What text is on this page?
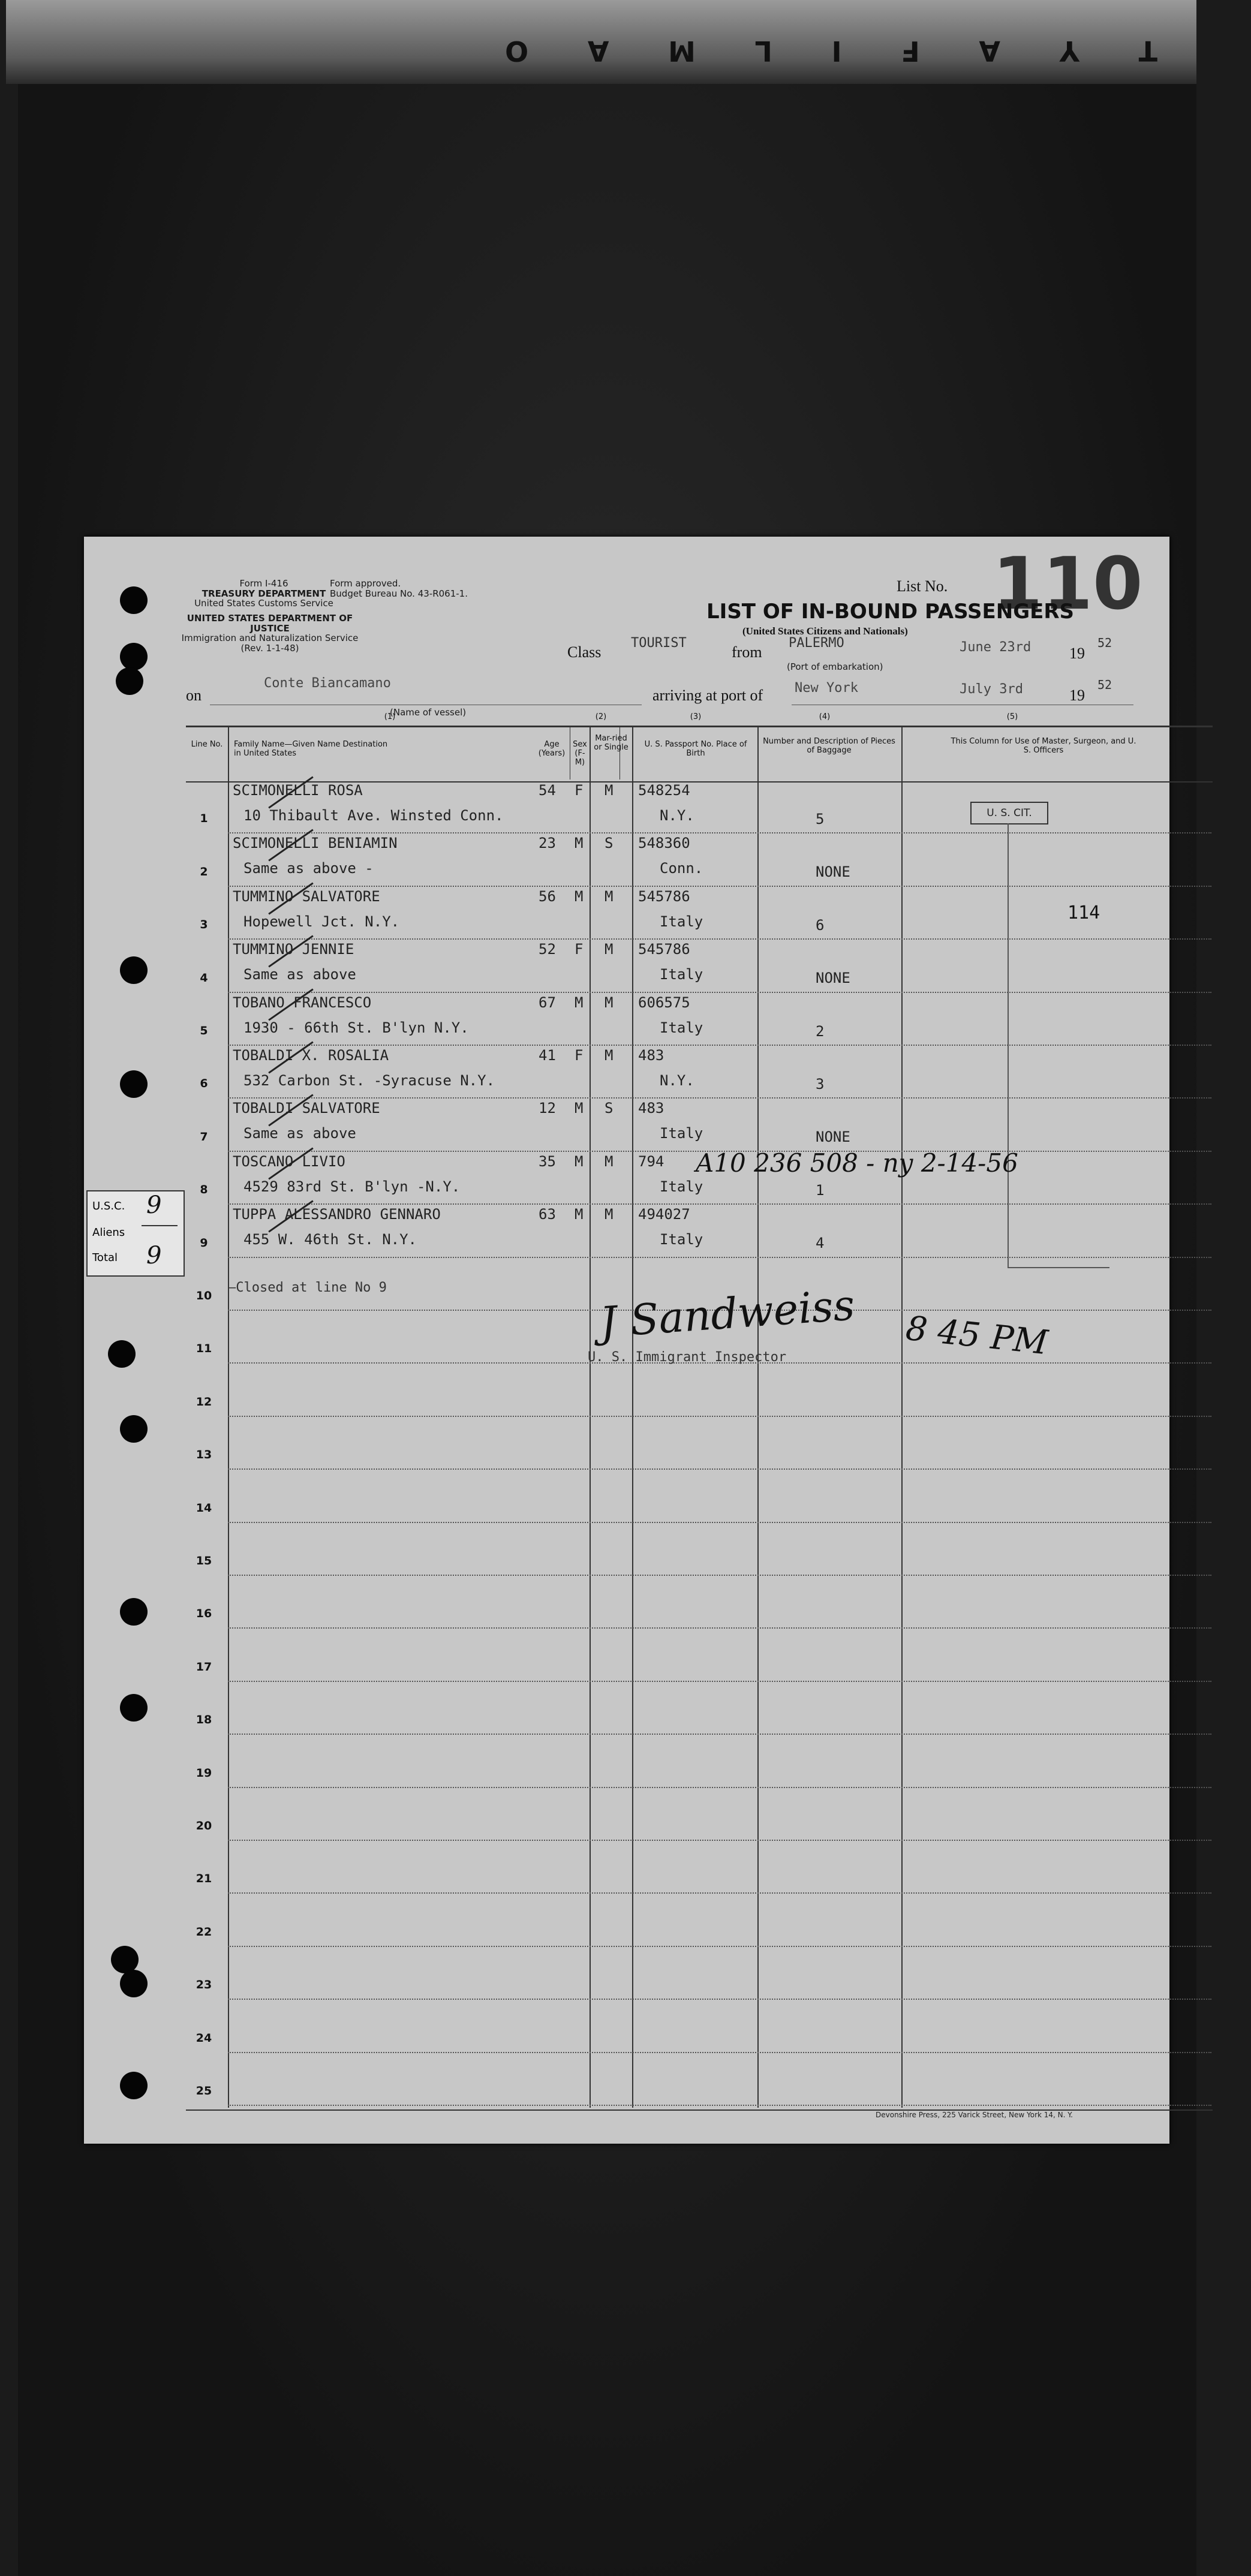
T
Y
A
F
I
L
M
A
O
Form I-416
TREASURY DEPARTMENT
United States Customs Service
Form approved.
Budget Bureau No. 43-R061-1.
UNITED STATES DEPARTMENT OF JUSTICE
Immigration and Naturalization Service
(Rev. 1-1-48)
List No. 110
LIST OF IN-BOUND PASSENGERS
(United States Citizens and Nationals)
Class
TOURIST
from
PALERMO	June 23rd 19
52
(Port of embarkation)
on
Conte Biancamano
(Name of vessel)
arriving at port of New York	July 3rd	19
52
(1)	(2)	(3)	(4)	(5)
Line No. Family Name—Given Name Destination in United States
Age (Years)
Sex (F-M)
Mar-ried or Single	U. S. Passport No. Place of Birth
Number and Description of Pieces of Baggage
This Column for Use of Master, Surgeon, and U. S. Officers
1
SCIMONELLI ROSA
10 Thibault Ave. Winsted Conn.
54 F M 548254
N.Y.	5
2
SCIMONELLI BENIAMIN
Same as above -
23 M S 548360
Conn.	NONE
3
TUMMINO SALVATORE
Hopewell Jct. N.Y.
56 M M 545786
Italy	6
4
TUMMINO JENNIE
Same as above
52 F M 545786
Italy	NONE
5
TOBANO FRANCESCO
1930 - 66th St. B'lyn N.Y.
67 M M 606575
Italy	2
6
TOBALDI X. ROSALIA
532 Carbon St. -Syracuse N.Y.
41 F M 483
N.Y.	3
7
TOBALDI SALVATORE
Same as above
12 M S 483
Italy	NONE
8
TOSCANO LIVIO
4529 83rd St. B'lyn -N.Y.
35 M M 794
Italy	1
9
TUPPA ALESSANDRO GENNARO
455 W. 46th St. N.Y.
63 M M 494027
Italy	4
10
11
12
13
14
15
16
17
18
19
20
21
22
23
24
25
U. S. CIT.
114
A10 236 508 - ny 2-14-56
—Closed at line No 9	J Sandweiss
U. S. Immigrant Inspector	8 45 PM
U.S.C. 9
Aliens
Total 9
Devonshire Press, 225 Varick Street, New York 14, N. Y.
